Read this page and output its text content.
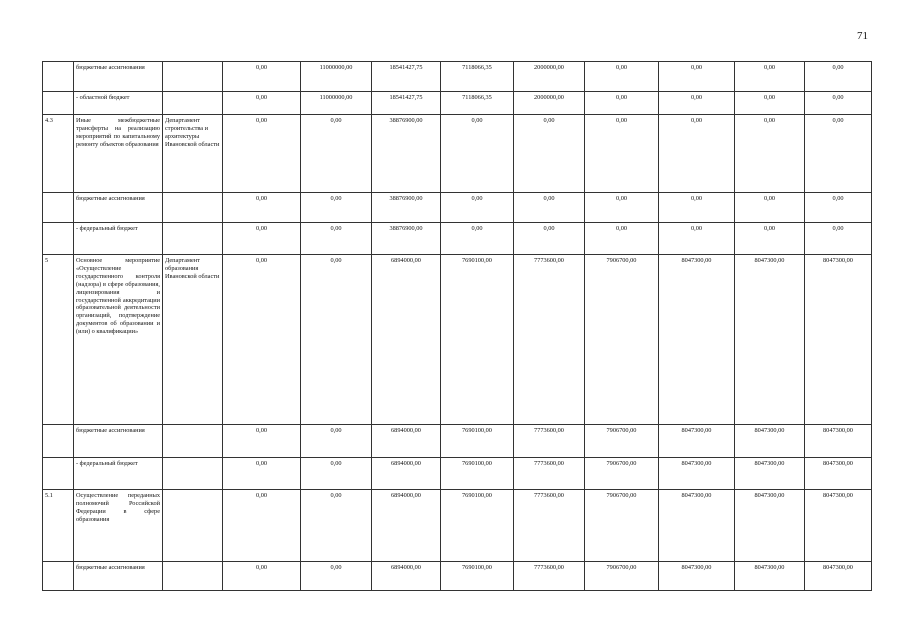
71
	бюджетные ассигнования		0,00	11000000,00	18541427,75	7118066,35	2000000,00	0,00	0,00	0,00	0,00
	- областной бюджет		0,00	11000000,00	18541427,75	7118066,35	2000000,00	0,00	0,00	0,00	0,00
4.3	Иные межбюджетные трансферты на реализацию мероприятий по капитальному ремонту объектов образования	Департамент строительства и архитектуры Ивановской области	0,00	0,00	38876900,00	0,00	0,00	0,00	0,00	0,00	0,00
	бюджетные ассигнования		0,00	0,00	38876900,00	0,00	0,00	0,00	0,00	0,00	0,00
	- федеральный бюджет		0,00	0,00	38876900,00	0,00	0,00	0,00	0,00	0,00	0,00
5	Основное мероприятие «Осуществление государственного контроля (надзора) в сфере образования, лицензирования и государственной аккредитации образовательной деятельности организаций, подтверждение документов об образовании и (или) о квалификации»	Департамент образования Ивановской области	0,00	0,00	6894000,00	7690100,00	7773600,00	7906700,00	8047300,00	8047300,00	8047300,00
	бюджетные ассигнования		0,00	0,00	6894000,00	7690100,00	7773600,00	7906700,00	8047300,00	8047300,00	8047300,00
	- федеральный бюджет		0,00	0,00	6894000,00	7690100,00	7773600,00	7906700,00	8047300,00	8047300,00	8047300,00
5.1	Осуществление переданных полномочий Российской Федерации в сфере образования		0,00	0,00	6894000,00	7690100,00	7773600,00	7906700,00	8047300,00	8047300,00	8047300,00
	бюджетные ассигнования		0,00	0,00	6894000,00	7690100,00	7773600,00	7906700,00	8047300,00	8047300,00	8047300,00
